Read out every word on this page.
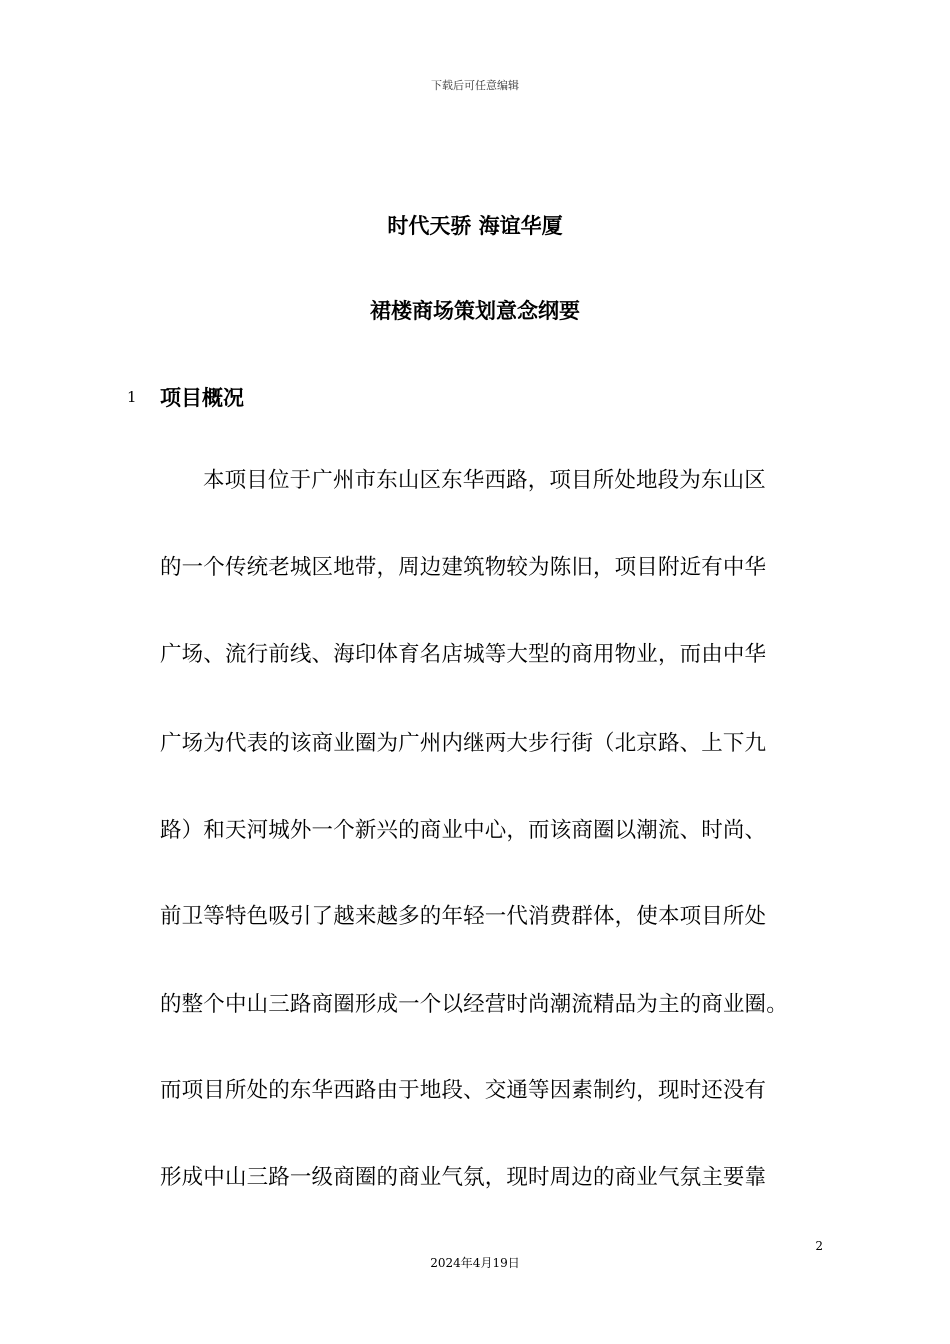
下载后可任意编辑
时代天骄 海谊华厦
裙楼商场策划意念纲要
1	项目概况
本项目位于广州市东山区东华西路，项目所处地段为东山区
的一个传统老城区地带，周边建筑物较为陈旧，项目附近有中华
广场、流行前线、海印体育名店城等大型的商用物业，而由中华
广场为代表的该商业圈为广州内继两大步行街（北京路、上下九
路）和天河城外一个新兴的商业中心，而该商圈以潮流、时尚、
前卫等特色吸引了越来越多的年轻一代消费群体，使本项目所处
的整个中山三路商圈形成一个以经营时尚潮流精品为主的商业圈。
而项目所处的东华西路由于地段、交通等因素制约，现时还没有
形成中山三路一级商圈的商业气氛，现时周边的商业气氛主要靠
2
2024年4月19日
